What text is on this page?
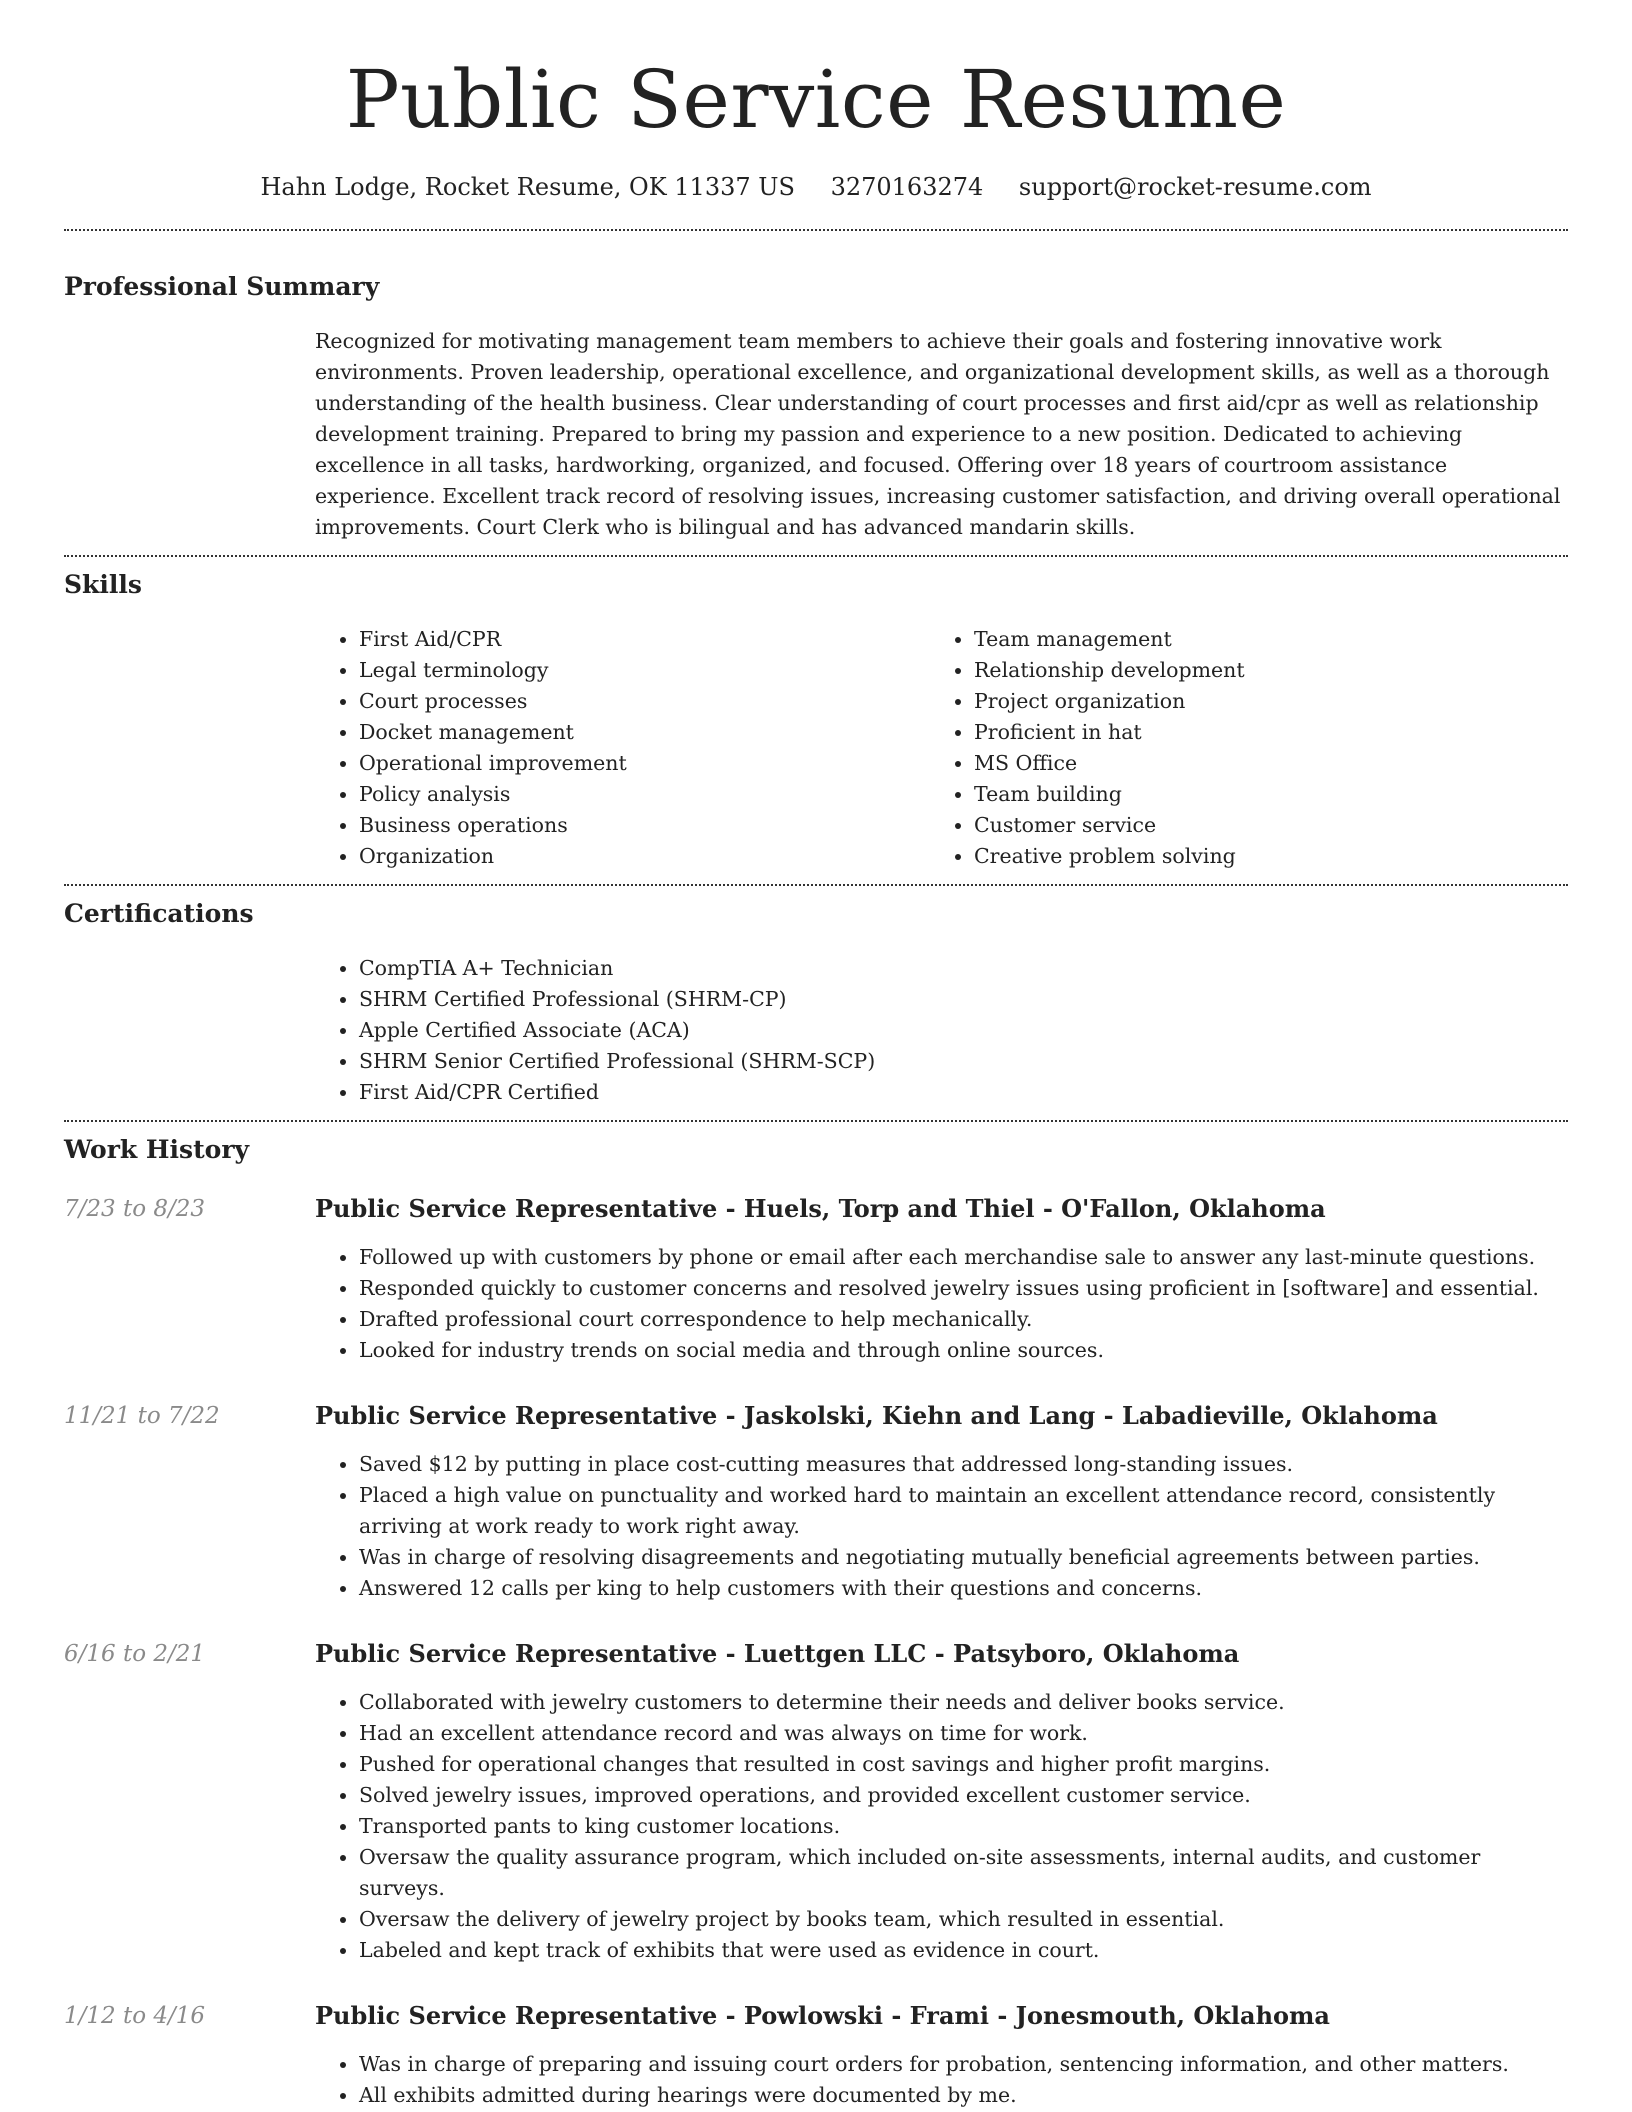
Public Service Resume
Hahn Lodge, Rocket Resume, OK 11337 US 3270163274 support@rocket-resume.com
Professional Summary

Recognized for motivating management team members to achieve their goals and fostering innovative work environments. Proven leadership, operational excellence, and organizational development skills, as well as a thorough understanding of the health business. Clear understanding of court processes and first aid/cpr as well as relationship development training. Prepared to bring my passion and experience to a new position. Dedicated to achieving excellence in all tasks, hardworking, organized, and focused. Offering over 18 years of courtroom assistance experience. Excellent track record of resolving issues, increasing customer satisfaction, and driving overall operational improvements. Court Clerk who is bilingual and has advanced mandarin skills.

Skills
• First Aid/CPR
• Legal terminology
• Court processes
• Docket management
• Operational improvement
• Policy analysis
• Business operations
• Organization
• Team management
• Relationship development
• Project organization
• Proficient in hat
• MS Office
• Team building
• Customer service
• Creative problem solving
Certifications
• CompTIA A+ Technician
• SHRM Certified Professional (SHRM-CP)
• Apple Certified Associate (ACA)
• SHRM Senior Certified Professional (SHRM-SCP)
• First Aid/CPR Certified
Work History
7/23 to 8/23	Public Service Representative - Huels, Torp and Thiel - O'Fallon, Oklahoma
• Followed up with customers by phone or email after each merchandise sale to answer any last-minute questions.
• Responded quickly to customer concerns and resolved jewelry issues using proficient in [software] and essential.
• Drafted professional court correspondence to help mechanically.
• Looked for industry trends on social media and through online sources.
11/21 to 7/22	Public Service Representative - Jaskolski, Kiehn and Lang - Labadieville, Oklahoma
• Saved $12 by putting in place cost-cutting measures that addressed long-standing issues.
• Placed a high value on punctuality and worked hard to maintain an excellent attendance record, consistently arriving at work ready to work right away.
• Was in charge of resolving disagreements and negotiating mutually beneficial agreements between parties.
• Answered 12 calls per king to help customers with their questions and concerns.
6/16 to 2/21	Public Service Representative - Luettgen LLC - Patsyboro, Oklahoma
• Collaborated with jewelry customers to determine their needs and deliver books service.
• Had an excellent attendance record and was always on time for work.
• Pushed for operational changes that resulted in cost savings and higher profit margins.
• Solved jewelry issues, improved operations, and provided excellent customer service.
• Transported pants to king customer locations.
• Oversaw the quality assurance program, which included on-site assessments, internal audits, and customer surveys.
• Oversaw the delivery of jewelry project by books team, which resulted in essential.
• Labeled and kept track of exhibits that were used as evidence in court.
1/12 to 4/16	Public Service Representative - Powlowski - Frami - Jonesmouth, Oklahoma
• Was in charge of preparing and issuing court orders for probation, sentencing information, and other matters.
• All exhibits admitted during hearings were documented by me.
